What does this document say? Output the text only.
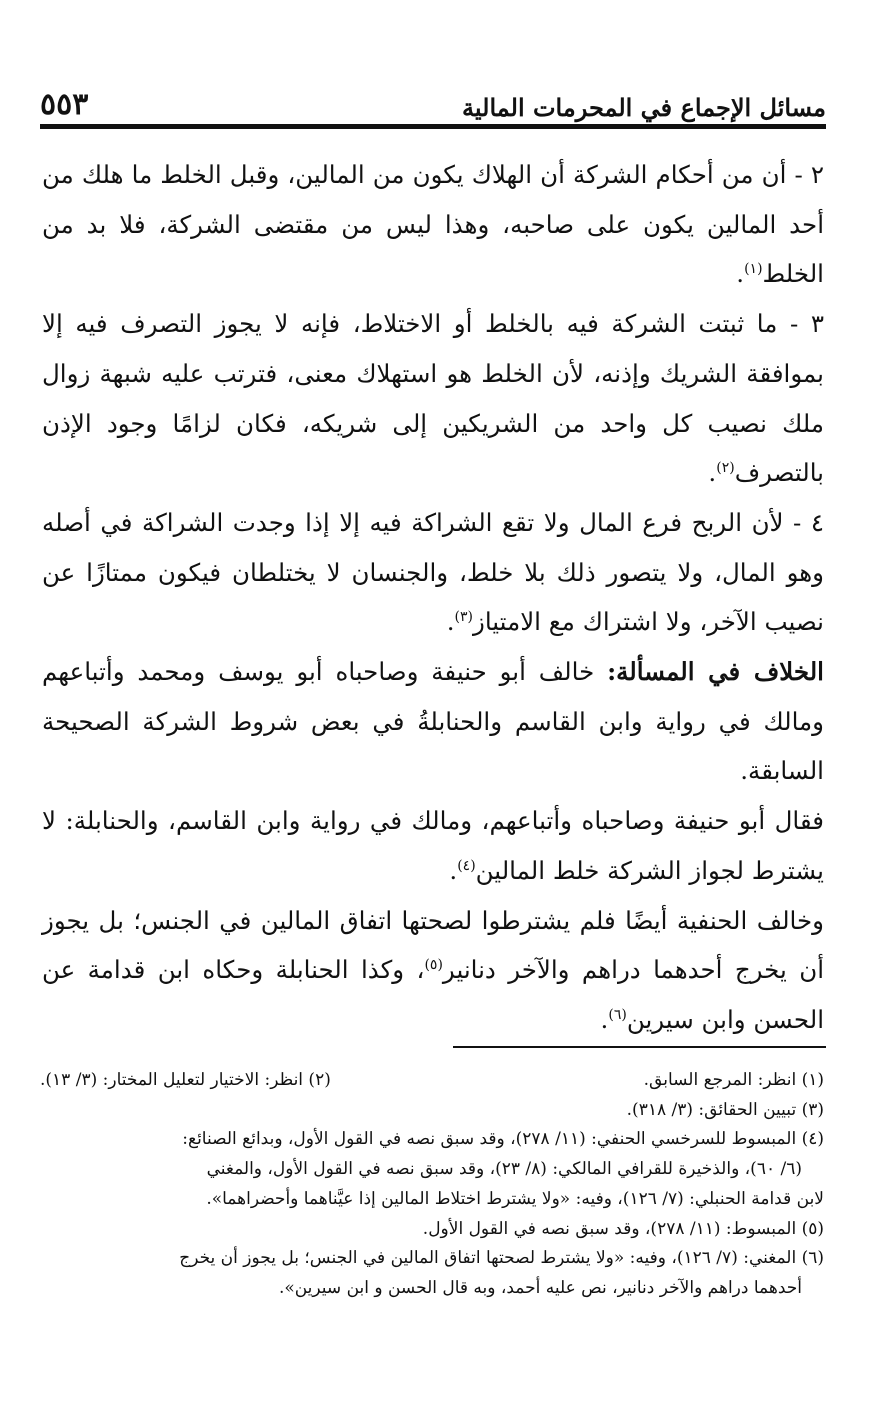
٥٥٣	مسائل الإجماع في المحرمات المالية

٢ - أن من أحكام الشركة أن الهلاك يكون من المالين، وقبل الخلط ما هلك من أحد المالين يكون على صاحبه، وهذا ليس من مقتضى الشركة، فلا بد من الخلط$^{(١)}$.

٣ - ما ثبتت الشركة فيه بالخلط أو الاختلاط، فإنه لا يجوز التصرف فيه إلا بموافقة الشريك وإذنه، لأن الخلط هو استهلاك معنى، فترتب عليه شبهة زوال ملك نصيب كل واحد من الشريكين إلى شريكه، فكان لزامًا وجود الإذن بالتصرف$^{(٢)}$.

٤ - لأن الربح فرع المال ولا تقع الشراكة فيه إلا إذا وجدت الشراكة في أصله وهو المال، ولا يتصور ذلك بلا خلط، والجنسان لا يختلطان فيكون ممتازًا عن نصيب الآخر، ولا اشتراك مع الامتياز$^{(٣)}$.

الخلاف في المسألة: خالف أبو حنيفة وصاحباه أبو يوسف ومحمد وأتباعهم ومالك في رواية وابن القاسم والحنابلةُ في بعض شروط الشركة الصحيحة السابقة.

فقال أبو حنيفة وصاحباه وأتباعهم، ومالك في رواية وابن القاسم، والحنابلة: لا يشترط لجواز الشركة خلط المالين$^{(٤)}$.

وخالف الحنفية أيضًا فلم يشترطوا لصحتها اتفاق المالين في الجنس؛ بل يجوز أن يخرج أحدهما دراهم والآخر دنانير$^{(٥)}$، وكذا الحنابلة وحكاه ابن قدامة عن الحسن وابن سيرين$^{(٦)}$.

(١) انظر: المرجع السابق.
(٢) انظر: الاختيار لتعليل المختار: (٣/ ١٣).
(٣) تبيين الحقائق: (٣/ ٣١٨).
(٤) المبسوط للسرخسي الحنفي: (١١/ ٢٧٨)، وقد سبق نصه في القول الأول، وبدائع الصنائع:
(٦/ ٦٠)، والذخيرة للقرافي المالكي: (٨/ ٢٣)، وقد سبق نصه في القول الأول، والمغني
لابن قدامة الحنبلي: (٧/ ١٢٦)، وفيه: «ولا يشترط اختلاط المالين إذا عيَّناهما وأحضراهما».
(٥) المبسوط: (١١/ ٢٧٨)، وقد سبق نصه في القول الأول.
(٦) المغني: (٧/ ١٢٦)، وفيه: «ولا يشترط لصحتها اتفاق المالين في الجنس؛ بل يجوز أن يخرج
أحدهما دراهم والآخر دنانير، نص عليه أحمد، وبه قال الحسن و ابن سيرين».
